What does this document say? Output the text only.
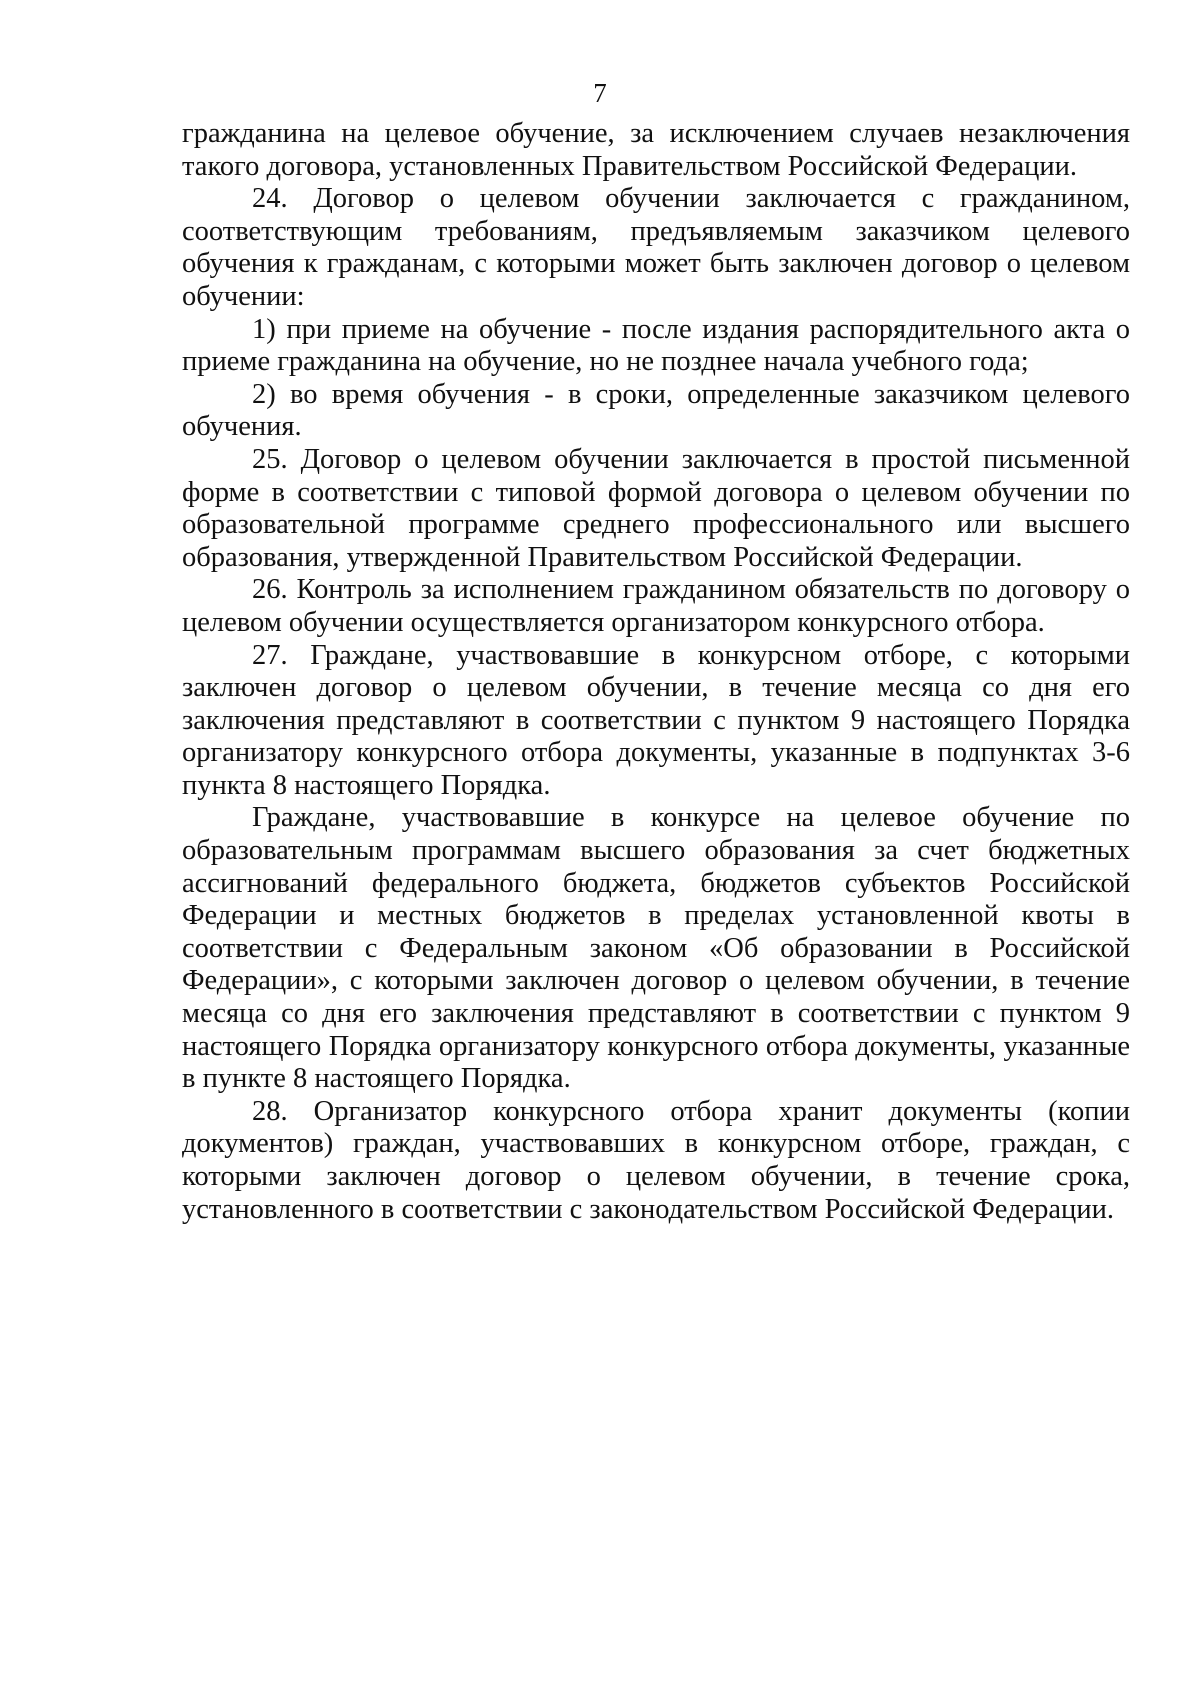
7

гражданина на целевое обучение, за исключением случаев незаключения такого договора, установленных Правительством Российской Федерации.

24. Договор о целевом обучении заключается с гражданином, соответствующим требованиям, предъявляемым заказчиком целевого обучения к гражданам, с которыми может быть заключен договор о целевом обучении:

1) при приеме на обучение - после издания распорядительного акта о приеме гражданина на обучение, но не позднее начала учебного года;

2) во время обучения - в сроки, определенные заказчиком целевого обучения.

25. Договор о целевом обучении заключается в простой письменной форме в соответствии с типовой формой договора о целевом обучении по образовательной программе среднего профессионального или высшего образования, утвержденной Правительством Российской Федерации.

26. Контроль за исполнением гражданином обязательств по договору о целевом обучении осуществляется организатором конкурсного отбора.

27. Граждане, участвовавшие в конкурсном отборе, с которыми заключен договор о целевом обучении, в течение месяца со дня его заключения представляют в соответствии с пунктом 9 настоящего Порядка организатору конкурсного отбора документы, указанные в подпунктах 3-6 пункта 8 настоящего Порядка.

Граждане, участвовавшие в конкурсе на целевое обучение по образовательным программам высшего образования за счет бюджетных ассигнований федерального бюджета, бюджетов субъектов Российской Федерации и местных бюджетов в пределах установленной квоты в соответствии с Федеральным законом «Об образовании в Российской Федерации», с которыми заключен договор о целевом обучении, в течение месяца со дня его заключения представляют в соответствии с пунктом 9 настоящего Порядка организатору конкурсного отбора документы, указанные в пункте 8 настоящего Порядка.

28. Организатор конкурсного отбора хранит документы (копии документов) граждан, участвовавших в конкурсном отборе, граждан, с которыми заключен договор о целевом обучении, в течение срока, установленного в соответствии с законодательством Российской Федерации.
